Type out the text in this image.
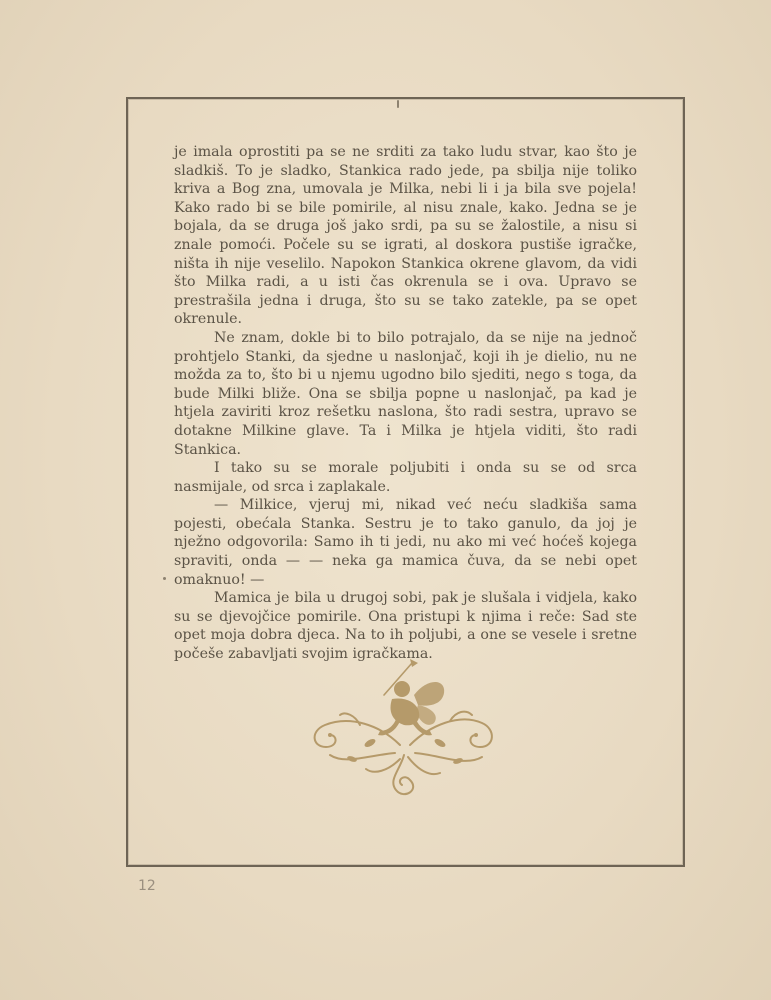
je imala oprostiti pa se ne srditi za tako ludu stvar, kao što je sladkiš. To je sladko, Stankica rado jede, pa sbilja nije toliko kriva a Bog zna, umovala je Milka, nebi li i ja bila sve pojela! Kako rado bi se bile pomirile, al nisu znale, kako. Jedna se je bojala, da se druga još jako srdi, pa su se žalostile, a nisu si znale pomoći. Počele su se igrati, al doskora pustiše igračke, ništa ih nije veselilo. Napokon Stankica okrene glavom, da vidi što Milka radi, a u isti čas okrenula se i ova. Upravo se prestrašila jedna i druga, što su se tako zatekle, pa se opet okrenule.

Ne znam, dokle bi to bilo potrajalo, da se nije na jednoč prohtjelo Stanki, da sjedne u naslonjač, koji ih je dielio, nu ne možda za to, što bi u njemu ugodno bilo sjediti, nego s toga, da bude Milki bliže. Ona se sbilja popne u naslonjač, pa kad je htjela zaviriti kroz rešetku naslona, što radi sestra, upravo se dotakne Milkine glave. Ta i Milka je htjela viditi, što radi Stankica.

I tako su se morale poljubiti i onda su se od srca nasmijale, od srca i zaplakale.

— Milkice, vjeruj mi, nikad već neću sladkiša sama pojesti, obećala Stanka. Sestru je to tako ganulo, da joj je nježno odgovorila: Samo ih ti jedi, nu ako mi već hoćeš kojega spraviti, onda — — neka ga mamica čuva, da se nebi opet omaknuo! —

Mamica je bila u drugoj sobi, pak je slušala i vidjela, kako su se djevojčice pomirile. Ona pristupi k njima i reče: Sad ste opet moja dobra djeca. Na to ih poljubi, a one se vesele i sretne počeše zabavljati svojim igračkama.

12
